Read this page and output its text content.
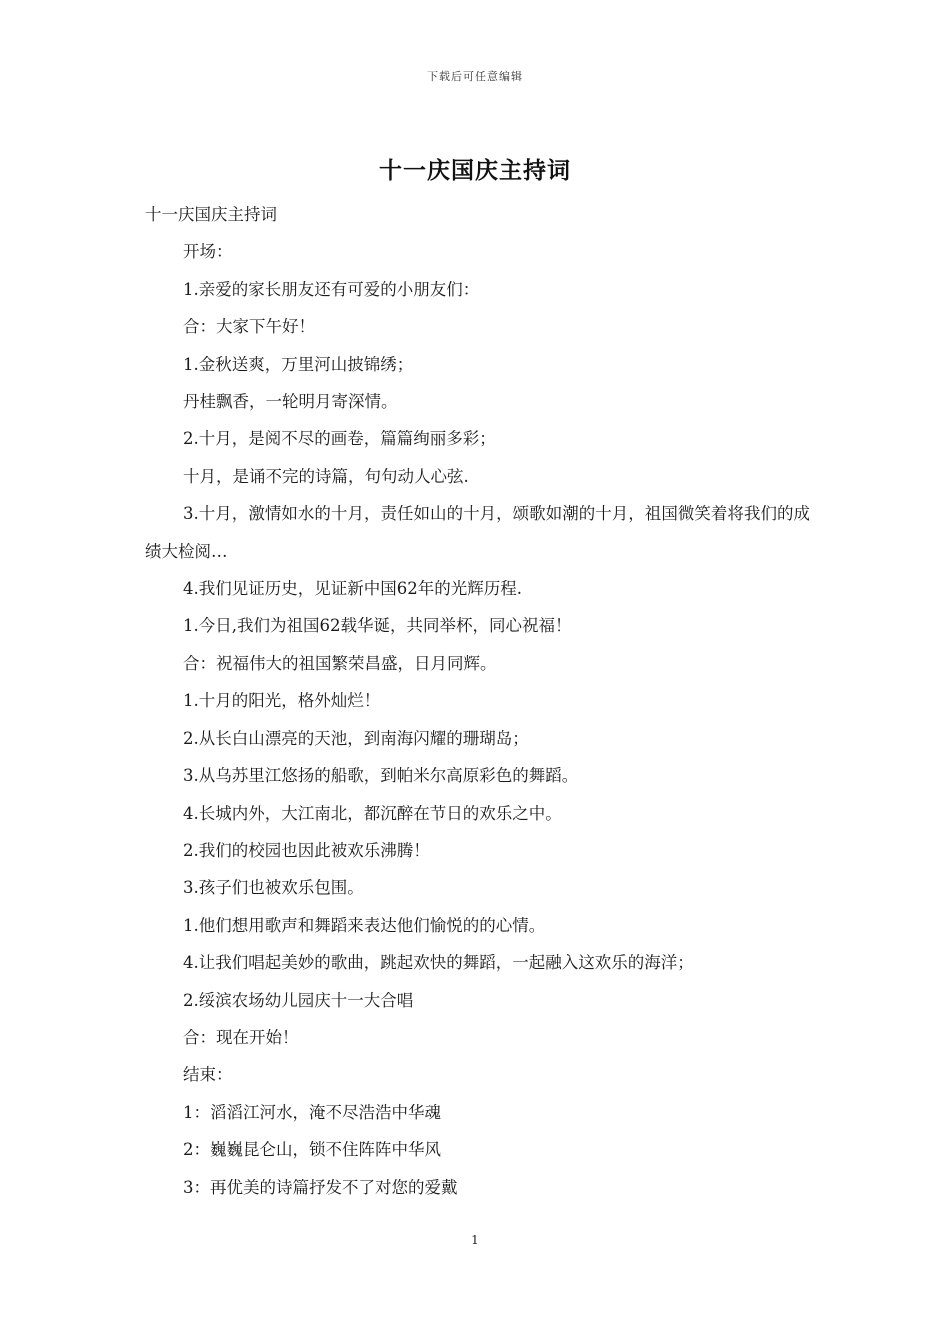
下载后可任意编辑
十一庆国庆主持词

十一庆国庆主持词

开场：

1.亲爱的家长朋友还有可爱的小朋友们：

合：大家下午好！

1.金秋送爽，万里河山披锦绣；

丹桂飘香，一轮明月寄深情。

2.十月，是阅不尽的画卷，篇篇绚丽多彩；

十月，是诵不完的诗篇，句句动人心弦.

3.十月，激情如水的十月，责任如山的十月，颂歌如潮的十月，祖国微笑着将我们的成绩大检阅…

4.我们见证历史，见证新中国62年的光辉历程.

1.今日,我们为祖国62载华诞，共同举杯，同心祝福！

合：祝福伟大的祖国繁荣昌盛，日月同辉。

1.十月的阳光，格外灿烂！

2.从长白山漂亮的天池，到南海闪耀的珊瑚岛；

3.从乌苏里江悠扬的船歌，到帕米尔高原彩色的舞蹈。

4.长城内外，大江南北，都沉醉在节日的欢乐之中。

2.我们的校园也因此被欢乐沸腾！

3.孩子们也被欢乐包围。

1.他们想用歌声和舞蹈来表达他们愉悦的的心情。

4.让我们唱起美妙的歌曲，跳起欢快的舞蹈，一起融入这欢乐的海洋；

2.绥滨农场幼儿园庆十一大合唱

合：现在开始！

结束：

1：滔滔江河水，淹不尽浩浩中华魂

2：巍巍昆仑山，锁不住阵阵中华风

3：再优美的诗篇抒发不了对您的爱戴

1
